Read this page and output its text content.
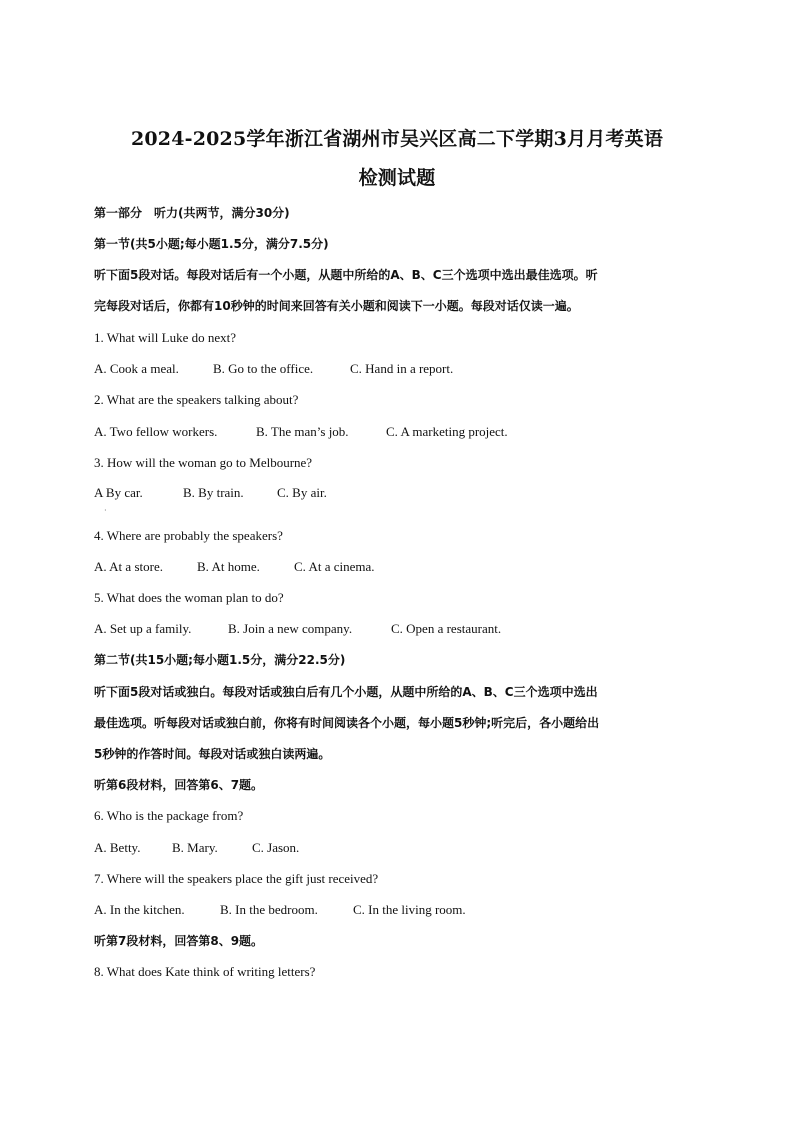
2024-2025学年浙江省湖州市吴兴区高二下学期3月月考英语
检测试题
第一部分　听力(共两节，满分30分)
第一节(共5小题;每小题1.5分，满分7.5分)
听下面5段对话。每段对话后有一个小题，从题中所给的A、B、C三个选项中选出最佳选项。听
完每段对话后，你都有10秒钟的时间来回答有关小题和阅读下一小题。每段对话仅读一遍。
1. What will Luke do next?
A. Cook a meal.	B. Go to the office.	C. Hand in a report.
2. What are the speakers talking about?
A. Two fellow workers.	B. The man’s job.	C. A marketing project.
3. How will the woman go to Melbourne?
A By car.	B. By train.	C. By air.
·
4. Where are probably the speakers?
A. At a store.	B. At home.	C. At a cinema.
5. What does the woman plan to do?
A. Set up a family.	B. Join a new company.	C. Open a restaurant.
第二节(共15小题;每小题1.5分，满分22.5分)
听下面5段对话或独白。每段对话或独白后有几个小题，从题中所给的A、B、C三个选项中选出
最佳选项。听每段对话或独白前，你将有时间阅读各个小题，每小题5秒钟;听完后，各小题给出
5秒钟的作答时间。每段对话或独白读两遍。
听第6段材料，回答第6、7题。
6. Who is the package from?
A. Betty. B. Mary.	C. Jason.
7. Where will the speakers place the gift just received?
A. In the kitchen.	B. In the bedroom.	C. In the living room.
听第7段材料，回答第8、9题。
8. What does Kate think of writing letters?
